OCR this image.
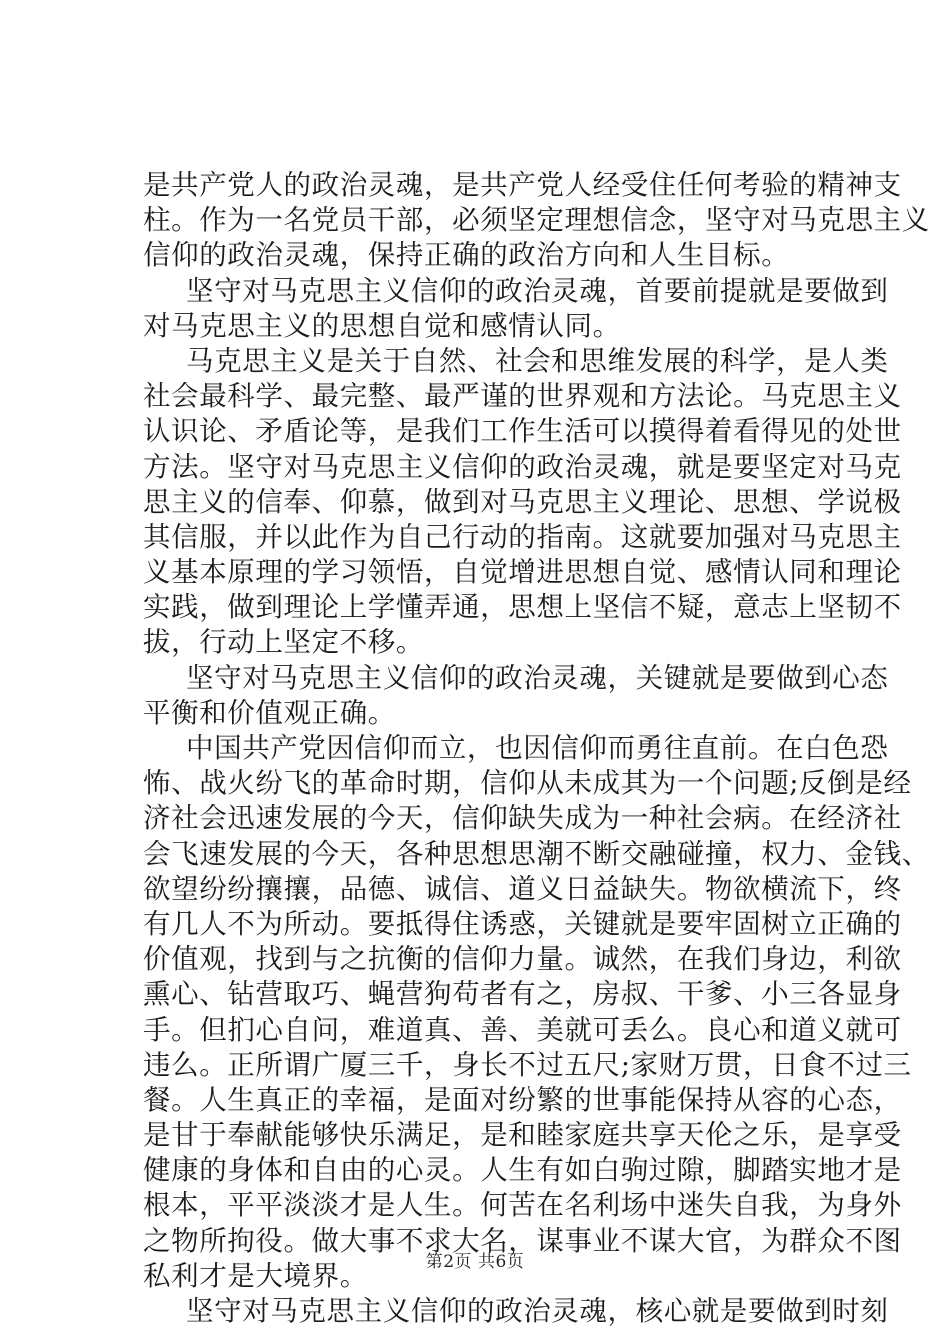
是共产党人的政治灵魂，是共产党人经受住任何考验的精神支
柱。作为一名党员干部，必须坚定理想信念，坚守对马克思主义
信仰的政治灵魂，保持正确的政治方向和人生目标。

坚守对马克思主义信仰的政治灵魂，首要前提就是要做到
对马克思主义的思想自觉和感情认同。

马克思主义是关于自然、社会和思维发展的科学，是人类
社会最科学、最完整、最严谨的世界观和方法论。马克思主义
认识论、矛盾论等，是我们工作生活可以摸得着看得见的处世
方法。坚守对马克思主义信仰的政治灵魂，就是要坚定对马克
思主义的信奉、仰慕，做到对马克思主义理论、思想、学说极
其信服，并以此作为自己行动的指南。这就要加强对马克思主
义基本原理的学习领悟，自觉增进思想自觉、感情认同和理论
实践，做到理论上学懂弄通，思想上坚信不疑，意志上坚韧不
拔，行动上坚定不移。

坚守对马克思主义信仰的政治灵魂，关键就是要做到心态
平衡和价值观正确。

中国共产党因信仰而立，也因信仰而勇往直前。在白色恐
怖、战火纷飞的革命时期，信仰从未成其为一个问题;反倒是经
济社会迅速发展的今天，信仰缺失成为一种社会病。在经济社
会飞速发展的今天，各种思想思潮不断交融碰撞，权力、金钱、
欲望纷纷攘攘，品德、诚信、道义日益缺失。物欲横流下，终
有几人不为所动。要抵得住诱惑，关键就是要牢固树立正确的
价值观，找到与之抗衡的信仰力量。诚然，在我们身边，利欲
熏心、钻营取巧、蝇营狗苟者有之，房叔、干爹、小三各显身
手。但扪心自问，难道真、善、美就可丢么。良心和道义就可
违么。正所谓广厦三千，身长不过五尺;家财万贯，日食不过三
餐。人生真正的幸福，是面对纷繁的世事能保持从容的心态，
是甘于奉献能够快乐满足，是和睦家庭共享天伦之乐，是享受
健康的身体和自由的心灵。人生有如白驹过隙，脚踏实地才是
根本，平平淡淡才是人生。何苦在名利场中迷失自我，为身外
之物所拘役。做大事不求大名，谋事业不谋大官，为群众不图
私利才是大境界。

坚守对马克思主义信仰的政治灵魂，核心就是要做到时刻

第2页 共6页
